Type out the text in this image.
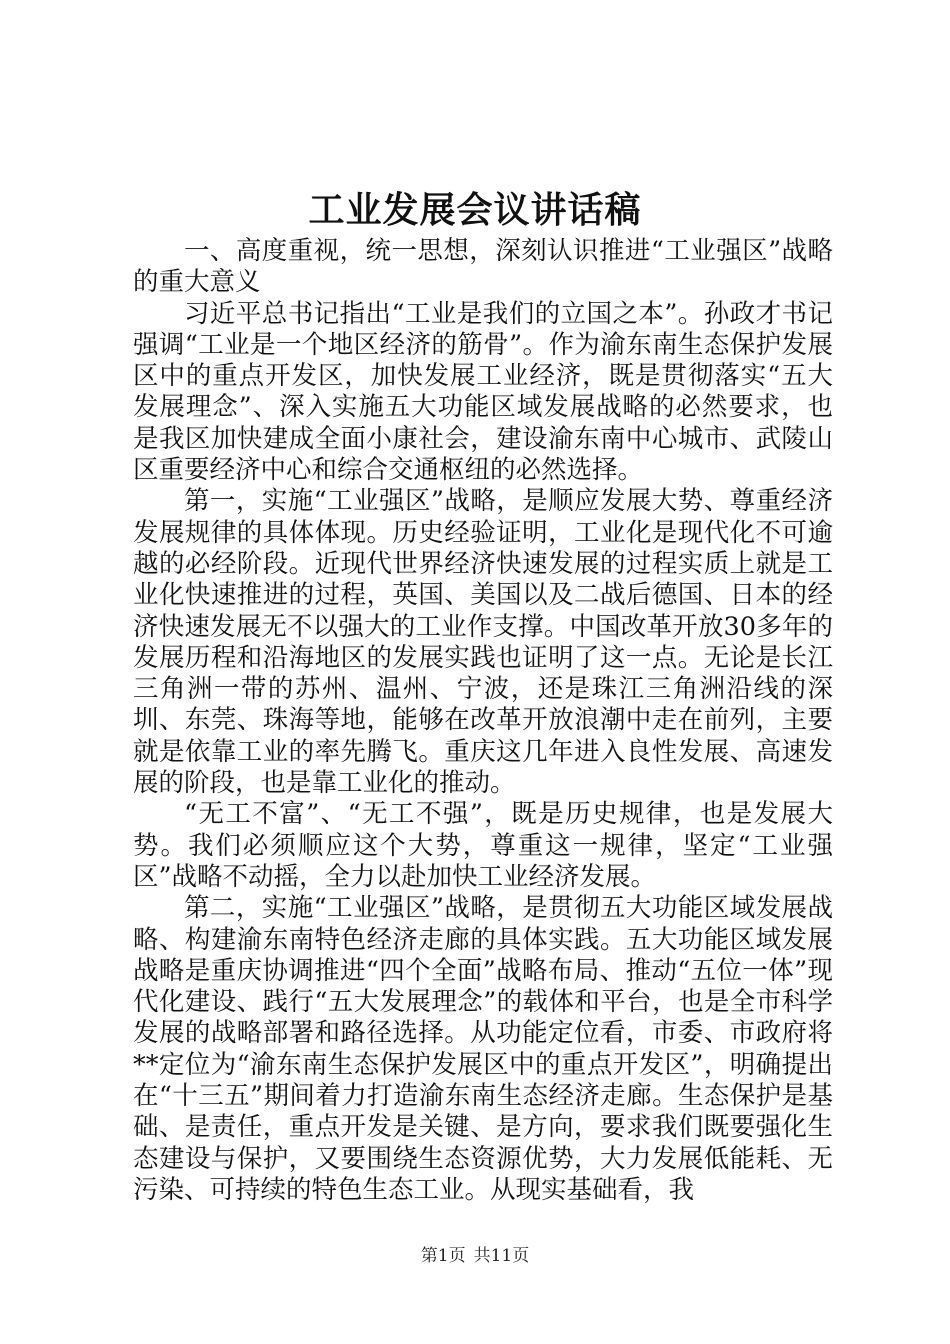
工业发展会议讲话稿

一、高度重视，统一思想，深刻认识推进“工业强区”战略的重大意义

习近平总书记指出“工业是我们的立国之本”。孙政才书记强调“工业是一个地区经济的筋骨”。作为渝东南生态保护发展区中的重点开发区，加快发展工业经济，既是贯彻落实“五大发展理念”、深入实施五大功能区域发展战略的必然要求，也是我区加快建成全面小康社会，建设渝东南中心城市、武陵山区重要经济中心和综合交通枢纽的必然选择。

第一，实施“工业强区”战略，是顺应发展大势、尊重经济发展规律的具体体现。历史经验证明，工业化是现代化不可逾越的必经阶段。近现代世界经济快速发展的过程实质上就是工业化快速推进的过程，英国、美国以及二战后德国、日本的经济快速发展无不以强大的工业作支撑。中国改革开放30多年的发展历程和沿海地区的发展实践也证明了这一点。无论是长江三角洲一带的苏州、温州、宁波，还是珠江三角洲沿线的深圳、东莞、珠海等地，能够在改革开放浪潮中走在前列，主要就是依靠工业的率先腾飞。重庆这几年进入良性发展、高速发展的阶段，也是靠工业化的推动。

“无工不富”、“无工不强”，既是历史规律，也是发展大势。我们必须顺应这个大势，尊重这一规律，坚定“工业强区”战略不动摇，全力以赴加快工业经济发展。

第二，实施“工业强区”战略，是贯彻五大功能区域发展战略、构建渝东南特色经济走廊的具体实践。五大功能区域发展战略是重庆协调推进“四个全面”战略布局、推动“五位一体”现代化建设、践行“五大发展理念”的载体和平台，也是全市科学发展的战略部署和路径选择。从功能定位看，市委、市政府将**定位为“渝东南生态保护发展区中的重点开发区”，明确提出在“十三五”期间着力打造渝东南生态经济走廊。生态保护是基础、是责任，重点开发是关键、是方向，要求我们既要强化生态建设与保护，又要围绕生态资源优势，大力发展低能耗、无污染、可持续的特色生态工业。从现实基础看，我

第1页 共11页
